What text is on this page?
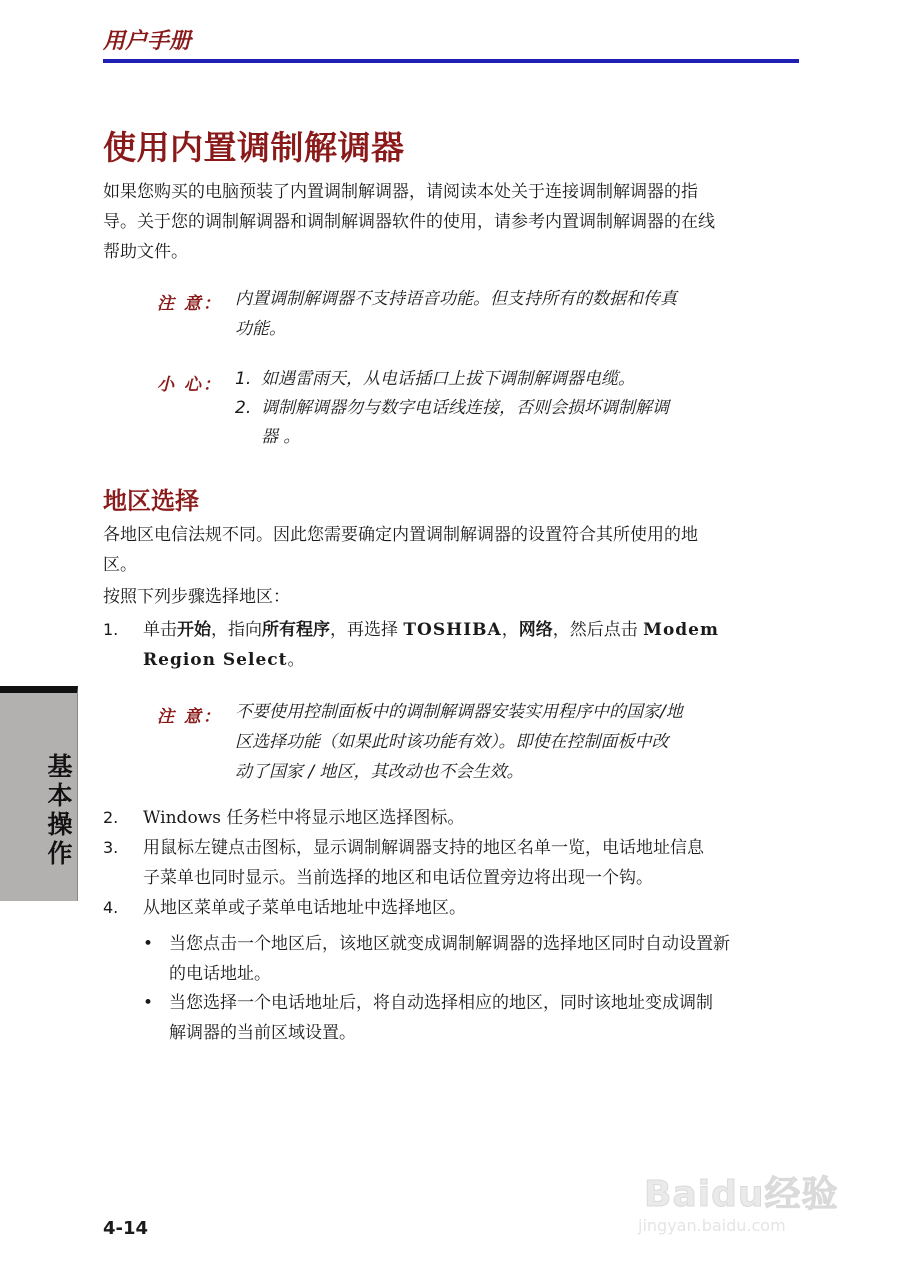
用户手册
使用内置调制解调器
如果您购买的电脑预装了内置调制解调器，请阅读本处关于连接调制解调器的指
导。关于您的调制解调器和调制解调器软件的使用，请参考内置调制解调器的在线
帮助文件。
注 意： 内置调制解调器不支持语音功能。但支持所有的数据和传真
功能。
小 心： 1. 如遇雷雨天，从电话插口上拔下调制解调器电缆。
2. 调制解调器勿与数字电话线连接，否则会损坏调制解调
器 。
地区选择
各地区电信法规不同。因此您需要确定内置调制解调器的设置符合其所使用的地
区。
按照下列步骤选择地区：
1. 单击开始，指向所有程序，再选择 TOSHIBA，网络，然后点击 Modem
Region Select。
注 意： 不要使用控制面板中的调制解调器安装实用程序中的国家/地
区选择功能（如果此时该功能有效）。即使在控制面板中改
动了国家 / 地区，其改动也不会生效。
2. Windows 任务栏中将显示地区选择图标。
3. 用鼠标左键点击图标，显示调制解调器支持的地区名单一览，电话地址信息
子菜单也同时显示。当前选择的地区和电话位置旁边将出现一个钩。
4. 从地区菜单或子菜单电话地址中选择地区。
• 当您点击一个地区后，该地区就变成调制解调器的选择地区同时自动设置新
的电话地址。
• 当您选择一个电话地址后，将自动选择相应的地区，同时该地址变成调制
解调器的当前区域设置。
基本操作
4-14
Baidu经验
jingyan.baidu.com
